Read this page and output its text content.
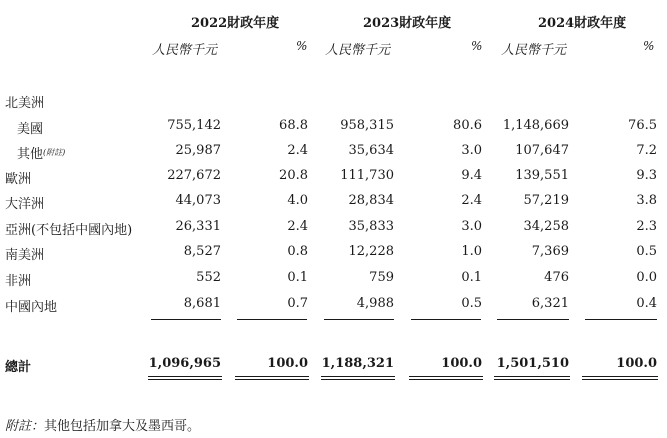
2022財政年度	2023財政年度	2024財政年度
人民幣千元	% 人民幣千元	% 人民幣千元	%
北美洲
美國	755,142	68.8	958,315	80.6	1,148,669	76.5
其他$^{(附註)}$	25,987	2.4	35,634	3.0	107,647	7.2
歐洲	227,672	20.8	111,730	9.4	139,551	9.3
大洋洲	44,073	4.0	28,834	2.4	57,219	3.8
亞洲(不包括中國內地)	26,331	2.4	35,833	3.0	34,258	2.3
南美洲	8,527	0.8	12,228	1.0	7,369	0.5
非洲	552	0.1	759	0.1	476	0.0
中國內地	8,681	0.7	4,988	0.5	6,321	0.4
總計	1,096,965	100.0	1,188,321	100.0	1,501,510	100.0
附註：其他包括加拿大及墨西哥。
